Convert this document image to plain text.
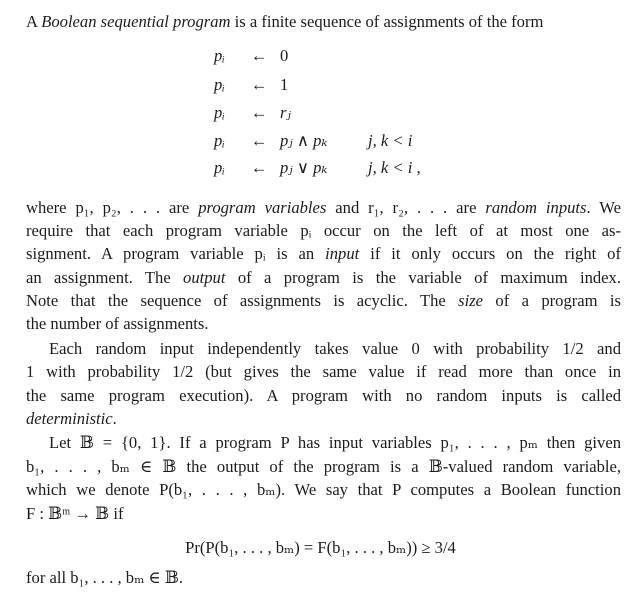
A Boolean sequential program is a finite sequence of assignments of the form
pᵢ	← 0
pᵢ	← 1
pᵢ	← rⱼ
pᵢ	← pⱼ ∧ pₖ	j, k < i
pᵢ	← pⱼ ∨ pₖ	j, k < i ,
where p₁, p₂, . . . are program variables and r₁, r₂, . . . are random inputs. We
require that each program variable pᵢ occur on the left of at most one as-
signment. A program variable pᵢ is an input if it only occurs on the right of
an assignment. The output of a program is the variable of maximum index.
Note that the sequence of assignments is acyclic. The size of a program is
the number of assignments.
Each random input independently takes value 0 with probability 1/2 and
1 with probability 1/2 (but gives the same value if read more than once in
the same program execution). A program with no random inputs is called
deterministic.
Let 𝔹 = {0, 1}. If a program P has input variables p₁, . . . , pₘ then given
b₁, . . . , bₘ ∈ 𝔹 the output of the program is a 𝔹-valued random variable,
which we denote P(b₁, . . . , bₘ). We say that P computes a Boolean function
F : 𝔹ᵐ → 𝔹 if
Pr(P(b₁, . . . , bₘ) = F(b₁, . . . , bₘ)) ≥ 3/4
for all b₁, . . . , bₘ ∈ 𝔹.
